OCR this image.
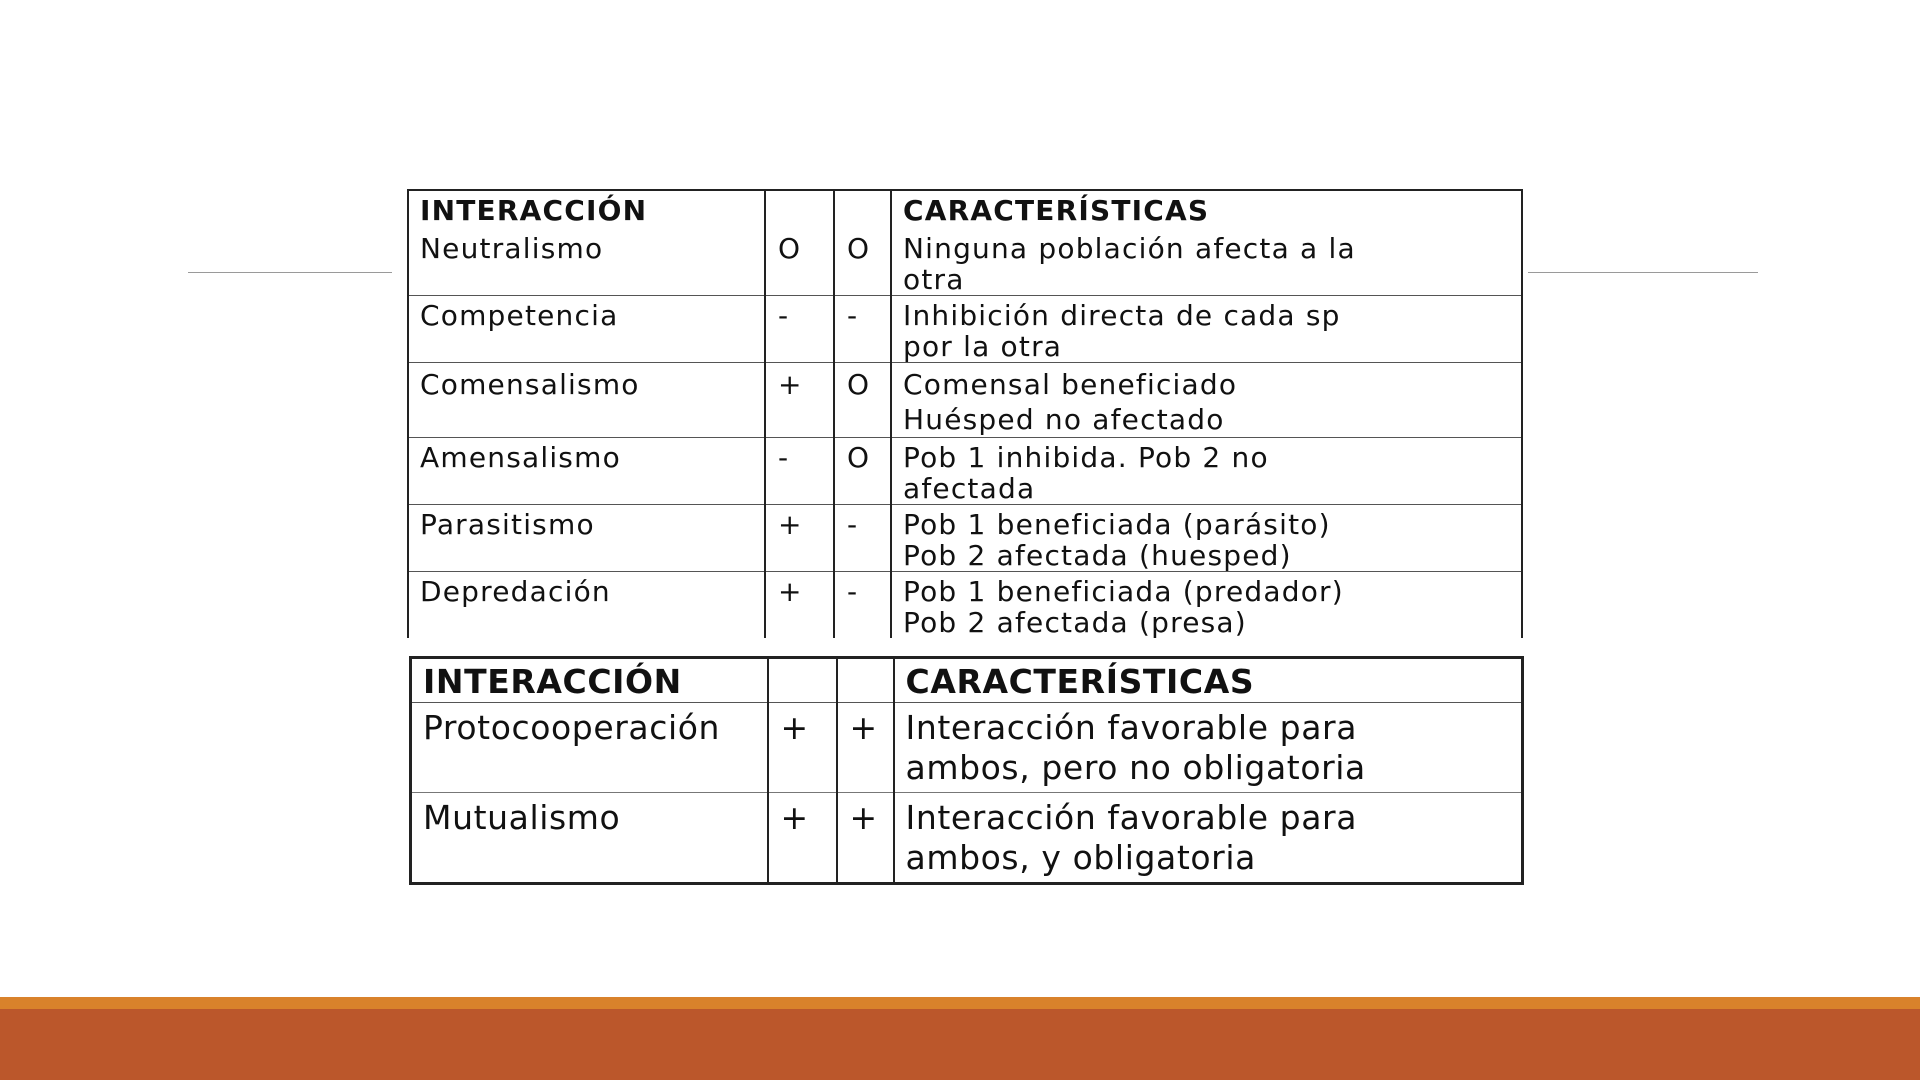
INTERACCIÓN			CARACTERÍSTICAS
Neutralismo	O	O	Ninguna población afecta a la
otra

Competencia	-	-	Inhibición directa de cada sp
por la otra

Comensalismo	+	O	Comensal beneficiado
Huésped no afectado

Amensalismo	-	O	Pob 1 inhibida. Pob 2 no
afectada

Parasitismo	+	-	Pob 1 beneficiada (parásito)
Pob 2 afectada (huesped)

Depredación	+	-	Pob 1 beneficiada (predador)
Pob 2 afectada (presa)
INTERACCIÓN			CARACTERÍSTICAS
Protocooperación	+	+	Interacción favorable para
ambos, pero no obligatoria

Mutualismo	+	+	Interacción favorable para
ambos, y obligatoria
